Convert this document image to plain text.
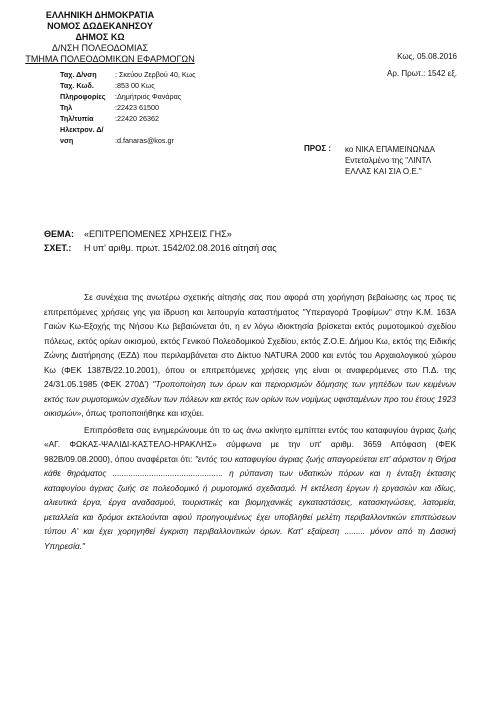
ΕΛΛΗΝΙΚΗ ΔΗΜΟΚΡΑΤΙΑ
ΝΟΜΟΣ ΔΩΔΕΚΑΝΗΣΟΥ
ΔΗΜΟΣ ΚΩ
Δ/ΝΣΗ ΠΟΛΕΟΔΟΜΙΑΣ
ΤΜΗΜΑ ΠΟΛΕΟΔΟΜΙΚΩΝ ΕΦΑΡΜΟΓΩΝ
Ταχ. Δ/νση	: Σκεύου Ζερβού 40, Κως
Ταχ. Κωδ.	:853 00 Κως
Πληροφορίες :Δημήτριος Φανάρας
Τηλ	:22423 61500
Τηλ/τυπία	:22420 26362
Ηλεκτρον. Δ/νση	:d.fanaras@kos.gr
Κως, 05.08.2016
Αρ. Πρωτ.: 1542 εξ.
ΠΡΟΣ : κο ΝΙΚΑ ΕΠΑΜΕΙΝΩΝΔΑ
Εντεταλμένο της "ΛΙΝΤΛ
ΕΛΛΑΣ ΚΑΙ ΣΙΑ Ο.Ε."
ΘΕΜΑ: «ΕΠΙΤΡΕΠΟΜΕΝΕΣ ΧΡΗΣΕΙΣ ΓΗΣ»
ΣΧΕΤ.: Η υπ' αριθμ. πρωτ. 1542/02.08.2016 αίτησή σας

Σε συνέχεια της ανωτέρω σχετικής αίτησής σας που αφορά στη χορήγηση βεβαίωσης ως προς τις επιτρεπόμενες χρήσεις γης για ίδρυση και λειτουργία καταστήματος "Υπεραγορά Τροφίμων" στην Κ.Μ. 163Α Γαιών Κω-Εξοχής της Νήσου Κω βεβαιώνεται ότι, η εν λόγω ιδιοκτησία βρίσκεται εκτός ρυμοτομικού σχεδίου πόλεως, εκτός ορίων οικισμού, εκτός Γενικού Πολεοδομικού Σχεδίου, εκτός Ζ.Ο.Ε. Δήμου Κω, εκτός της Ειδικής Ζώνης Διατήρησης (ΕΖΔ) που περιλαμβάνεται στο Δίκτυο NATURA 2000 και εντός του Αρχαιολογικού χώρου Κω (ΦΕΚ 1387Β/22.10.2001), όπου οι επιτρεπόμενες χρήσεις γης είναι οι αναφερόμενες στο Π.Δ. της 24/31.05.1985 (ΦΕΚ 270Δ') "Τροποποίηση των όρων και περιορισμών δόμησης των γηπέδων των κειμένων εκτός των ρυμοτομικών σχεδίων των πόλεων και εκτός των ορίων των νομίμως υφισταμένων προ του έτους 1923 οικισμών», όπως τροποποιήθηκε και ισχύει.

Επιπρόσθετα σας ενημερώνουμε ότι το ως άνω ακίνητο εμπίπτει εντός του καταφυγίου άγριας ζωής «ΑΓ. ΦΩΚΑΣ-ΨΑΛΙΔΙ-ΚΑΣΤΕΛΟ-ΗΡΑΚΛΗΣ» σύμφωνα με την υπ' αριθμ. 3659 Απόφαση (ΦΕΚ 982Β/09.08.2000), όπου αναφέρεται ότι: "εντός του καταφυγίου άγριας ζωής απαγορεύεται επ' αόριστον η Θήρα κάθε θηράματος ................................................ η ρύπανση των υδατικών πόρων και η ένταξη έκτασης καταφυγίου άγριας ζωής σε πολεοδομικό ή ρυμοτομικό σχεδιασμό. Η εκτέλεση έργων ή εργασιών και ιδίως, αλιευτικά έργα, έργα αναδασμού, τουριστικές και βιομηχανικές εγκαταστάσεις, κατασκηνώσεις, λατομεία, μεταλλεία και δρόμοι εκτελούνται αφού προηγουμένως έχει υποβληθεί μελέτη περιβαλλοντικών επιπτώσεων τύπου Α' και έχει χορηγηθεί έγκριση περιβαλλοντικών όρων. Κατ' εξαίρεση ......... μόνον από τη Δασική Υπηρεσία."
